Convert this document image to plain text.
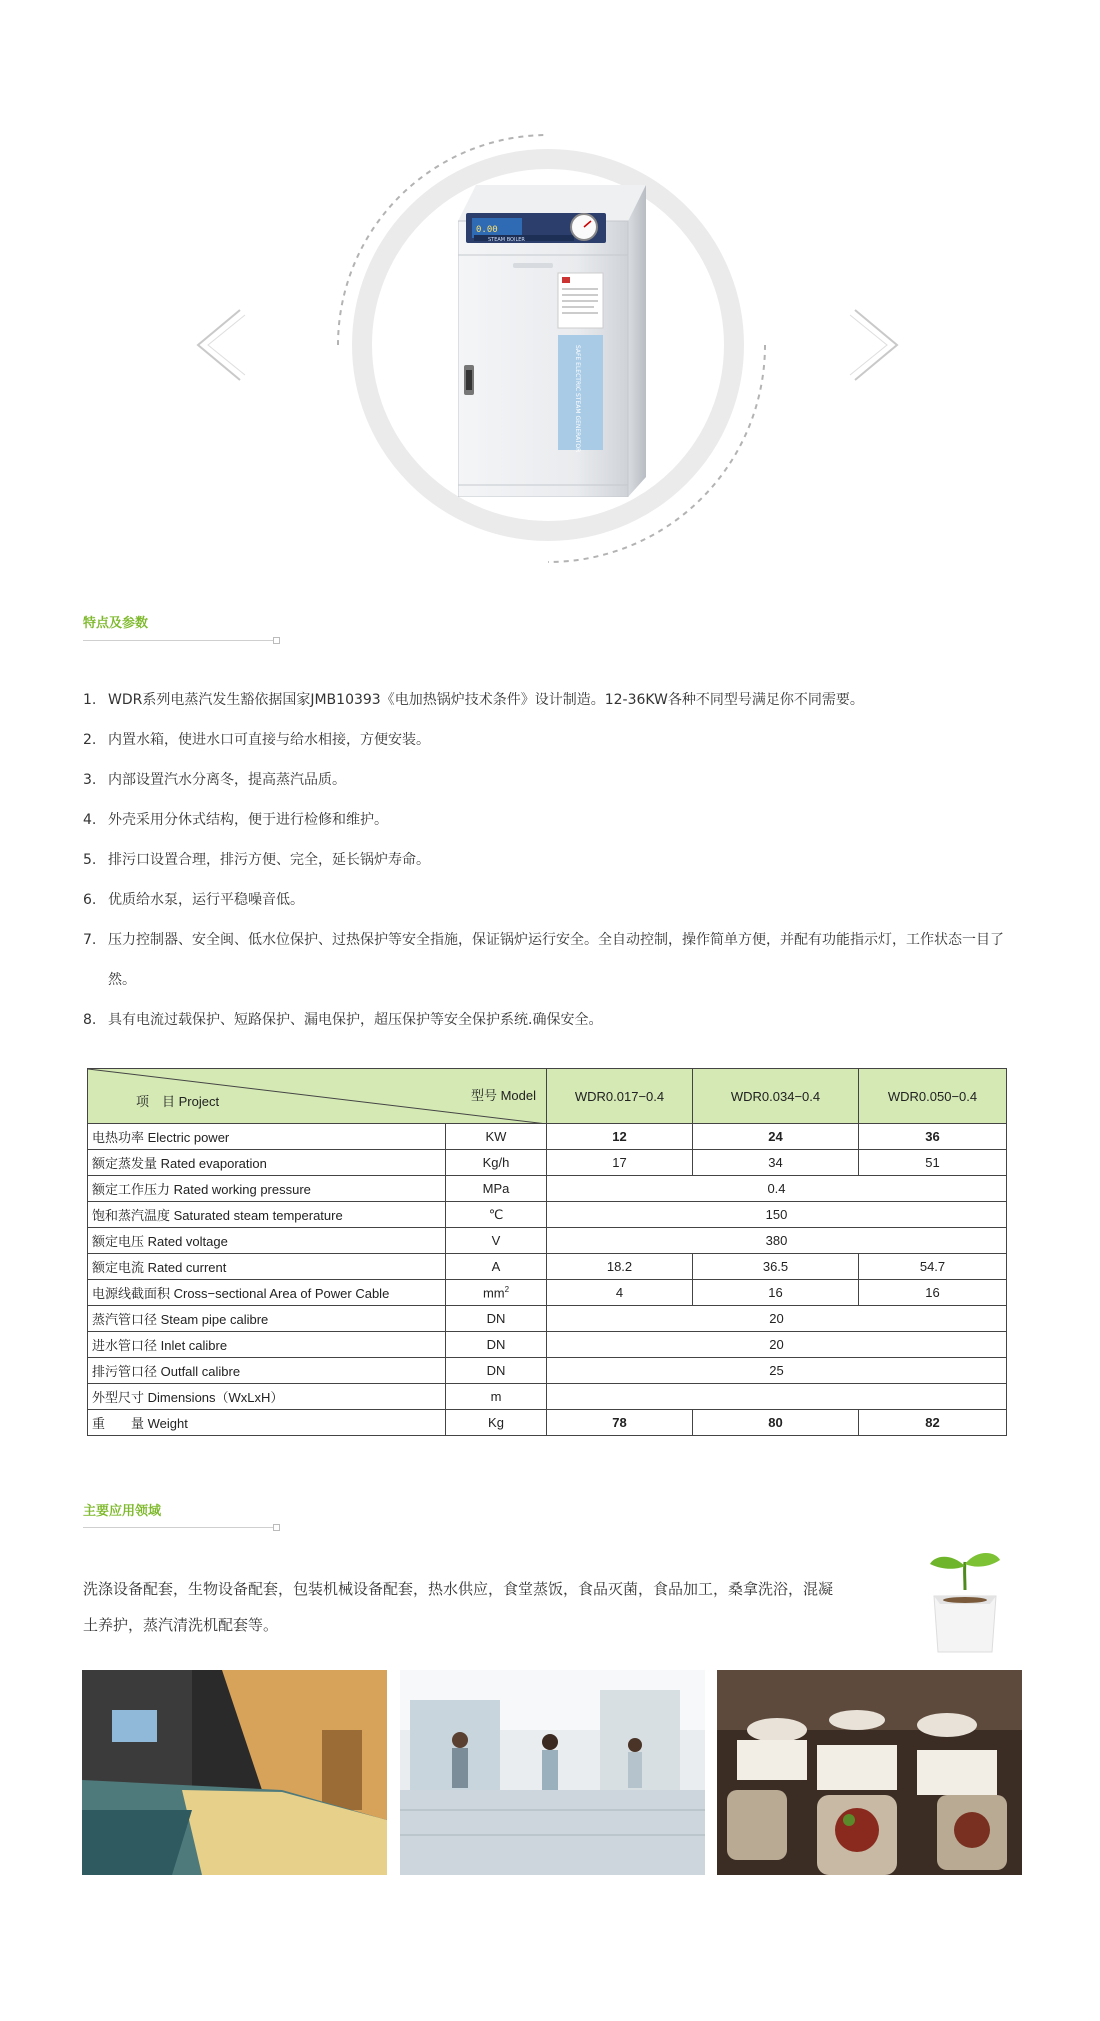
0.00
STEAM BOILER
SAFE ELECTRIC STEAM GENERATOR
特点及参数
1. WDR系列电蒸汽发生豁依据国家JMB10393《电加热锅炉技术条件》设计制造。12-36KW各种不同型号满足你不同需要。
2. 内置水箱，使进水口可直接与给水相接，方便安装。
3. 内部设置汽水分离冬，提高蒸汽品质。
4. 外壳采用分休式结构，便于进行检修和维护。
5. 排污口设置合理，排污方便、完全，延长锅炉寿命。
6. 优质给水泵，运行平稳噪音低。
7. 压力控制器、安全闽、低水位保护、过热保护等安全指施，保证锅炉运行安全。全自动控制，操作简单方便，并配有功能指示灯，工作状态一目了然。
8. 具有电流过载保护、短路保护、漏电保护，超压保护等安全保护系统.确保安全。
项　目 Project 型号 Model		WDR0.017−0.4	WDR0.034−0.4	WDR0.050−0.4
电热功率 Electric power	KW	12	24	36
额定蒸发量 Rated evaporation	Kg/h	17	34	51
额定工作压力 Rated working pressure	MPa	0.4		
饱和蒸汽温度 Saturated steam temperature	℃	150		
额定电压 Rated voltage	V	380		
额定电流 Rated current	A	18.2	36.5	54.7
电源线截面积 Cross−sectional Area of Power Cable	$mm^2$	4	16	16
蒸汽管口径 Steam pipe calibre	DN	20		
进水管口径 Inlet calibre	DN	20		
排污管口径 Outfall calibre	DN	25		
外型尺寸 Dimensions（WxLxH）	m			
重　　量 Weight	Kg	78	80	82
主要应用领域
洗涤设备配套，生物设备配套，包装机械设备配套，热水供应，食堂蒸饭，食品灭菌，食品加工，桑拿洗浴，混凝
土养护，蒸汽清洗机配套等。
